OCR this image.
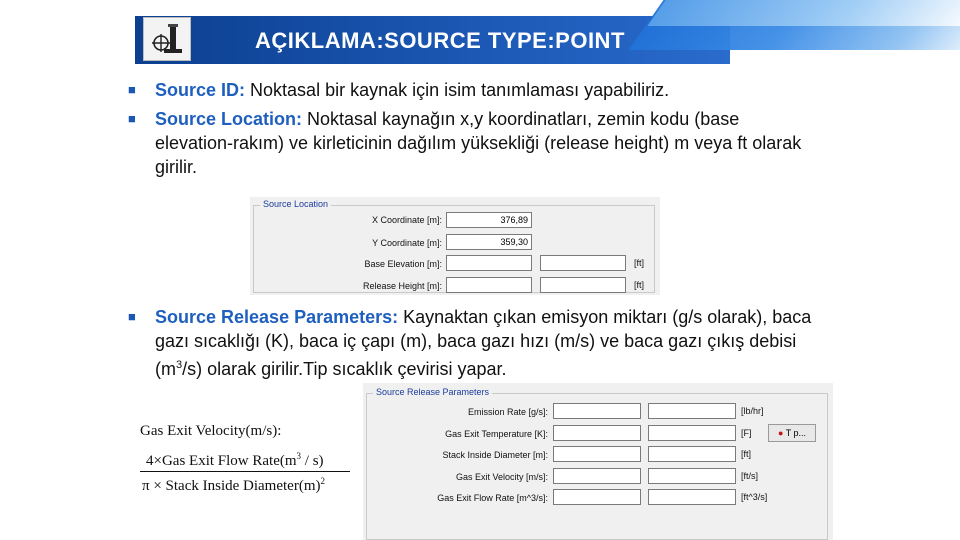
AÇIKLAMA:SOURCE TYPE:POINT
■	Source ID: Noktasal bir kaynak için isim tanımlaması yapabiliriz.
■	Source Location: Noktasal kaynağın x,y koordinatları, zemin kodu (base elevation-rakım) ve kirleticinin dağılım yüksekliği (release height) m veya ft olarak girilir.
Source Location
X Coordinate [m]:	376,89
Y Coordinate [m]:	359,30
Base Elevation [m]:	[ft]
Release Height [m]:	[ft]
■	Source Release Parameters: Kaynaktan çıkan emisyon miktarı (g/s olarak), baca gazı sıcaklığı (K), baca iç çapı (m), baca gazı hızı (m/s) ve baca gazı çıkış debisi $(m^3/s)$ olarak girilir.Tip sıcaklık çevirisi yapar.
Source Release Parameters
Emission Rate [g/s]:	[lb/hr]
Gas Exit Temperature [K]:	[F]	● T p...
Stack Inside Diameter [m]:	[ft]
Gas Exit Velocity [m/s]:	[ft/s]
Gas Exit Flow Rate [m^3/s]:	[ft^3/s]
Gas Exit Velocity(m/s):
4×Gas Exit Flow $Rate(m^3 / s)$
π × Stack Inside $Diameter(m)^2$
